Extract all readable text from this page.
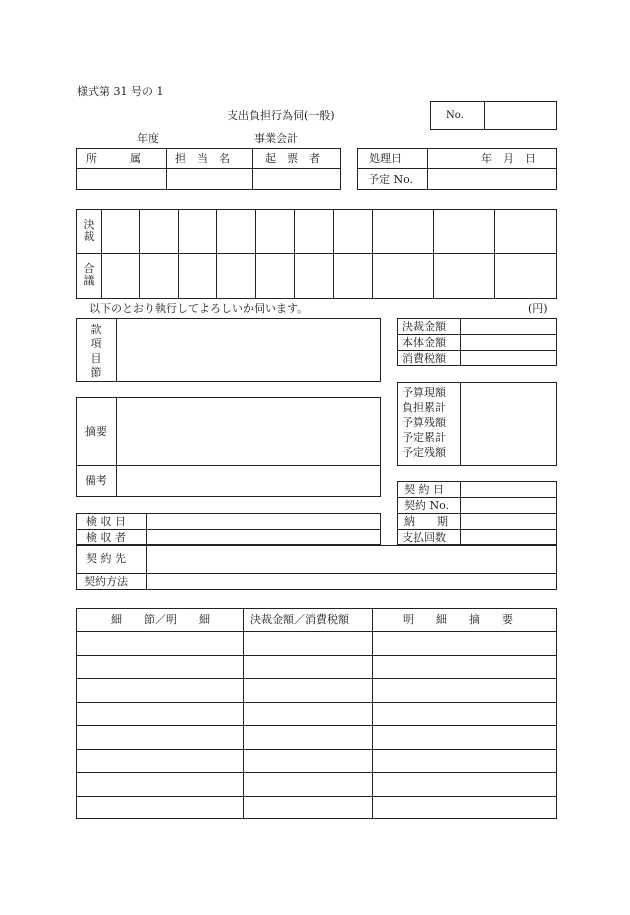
様式第 31 号の 1
支出負担行為伺(一般)	No.
年度	事業会計
所　　　属	担　当　名	起　票　者	処理日	年　月　日
予定 No.
決
裁
合
議
以下のとおり執行してよろしいか伺います。	(円)
款
項
目
節
決裁金額
本体金額
消費税額
予算現額
負担累計
予算残額
予定累計
予定残額
摘要
備考
契 約 日
契約 No.
納　　期
支払回数
検 収 日
検 収 者
契 約 先
契約方法
細　　節／明　　細	決裁金額／消費税額	明　　細　　摘　　要
